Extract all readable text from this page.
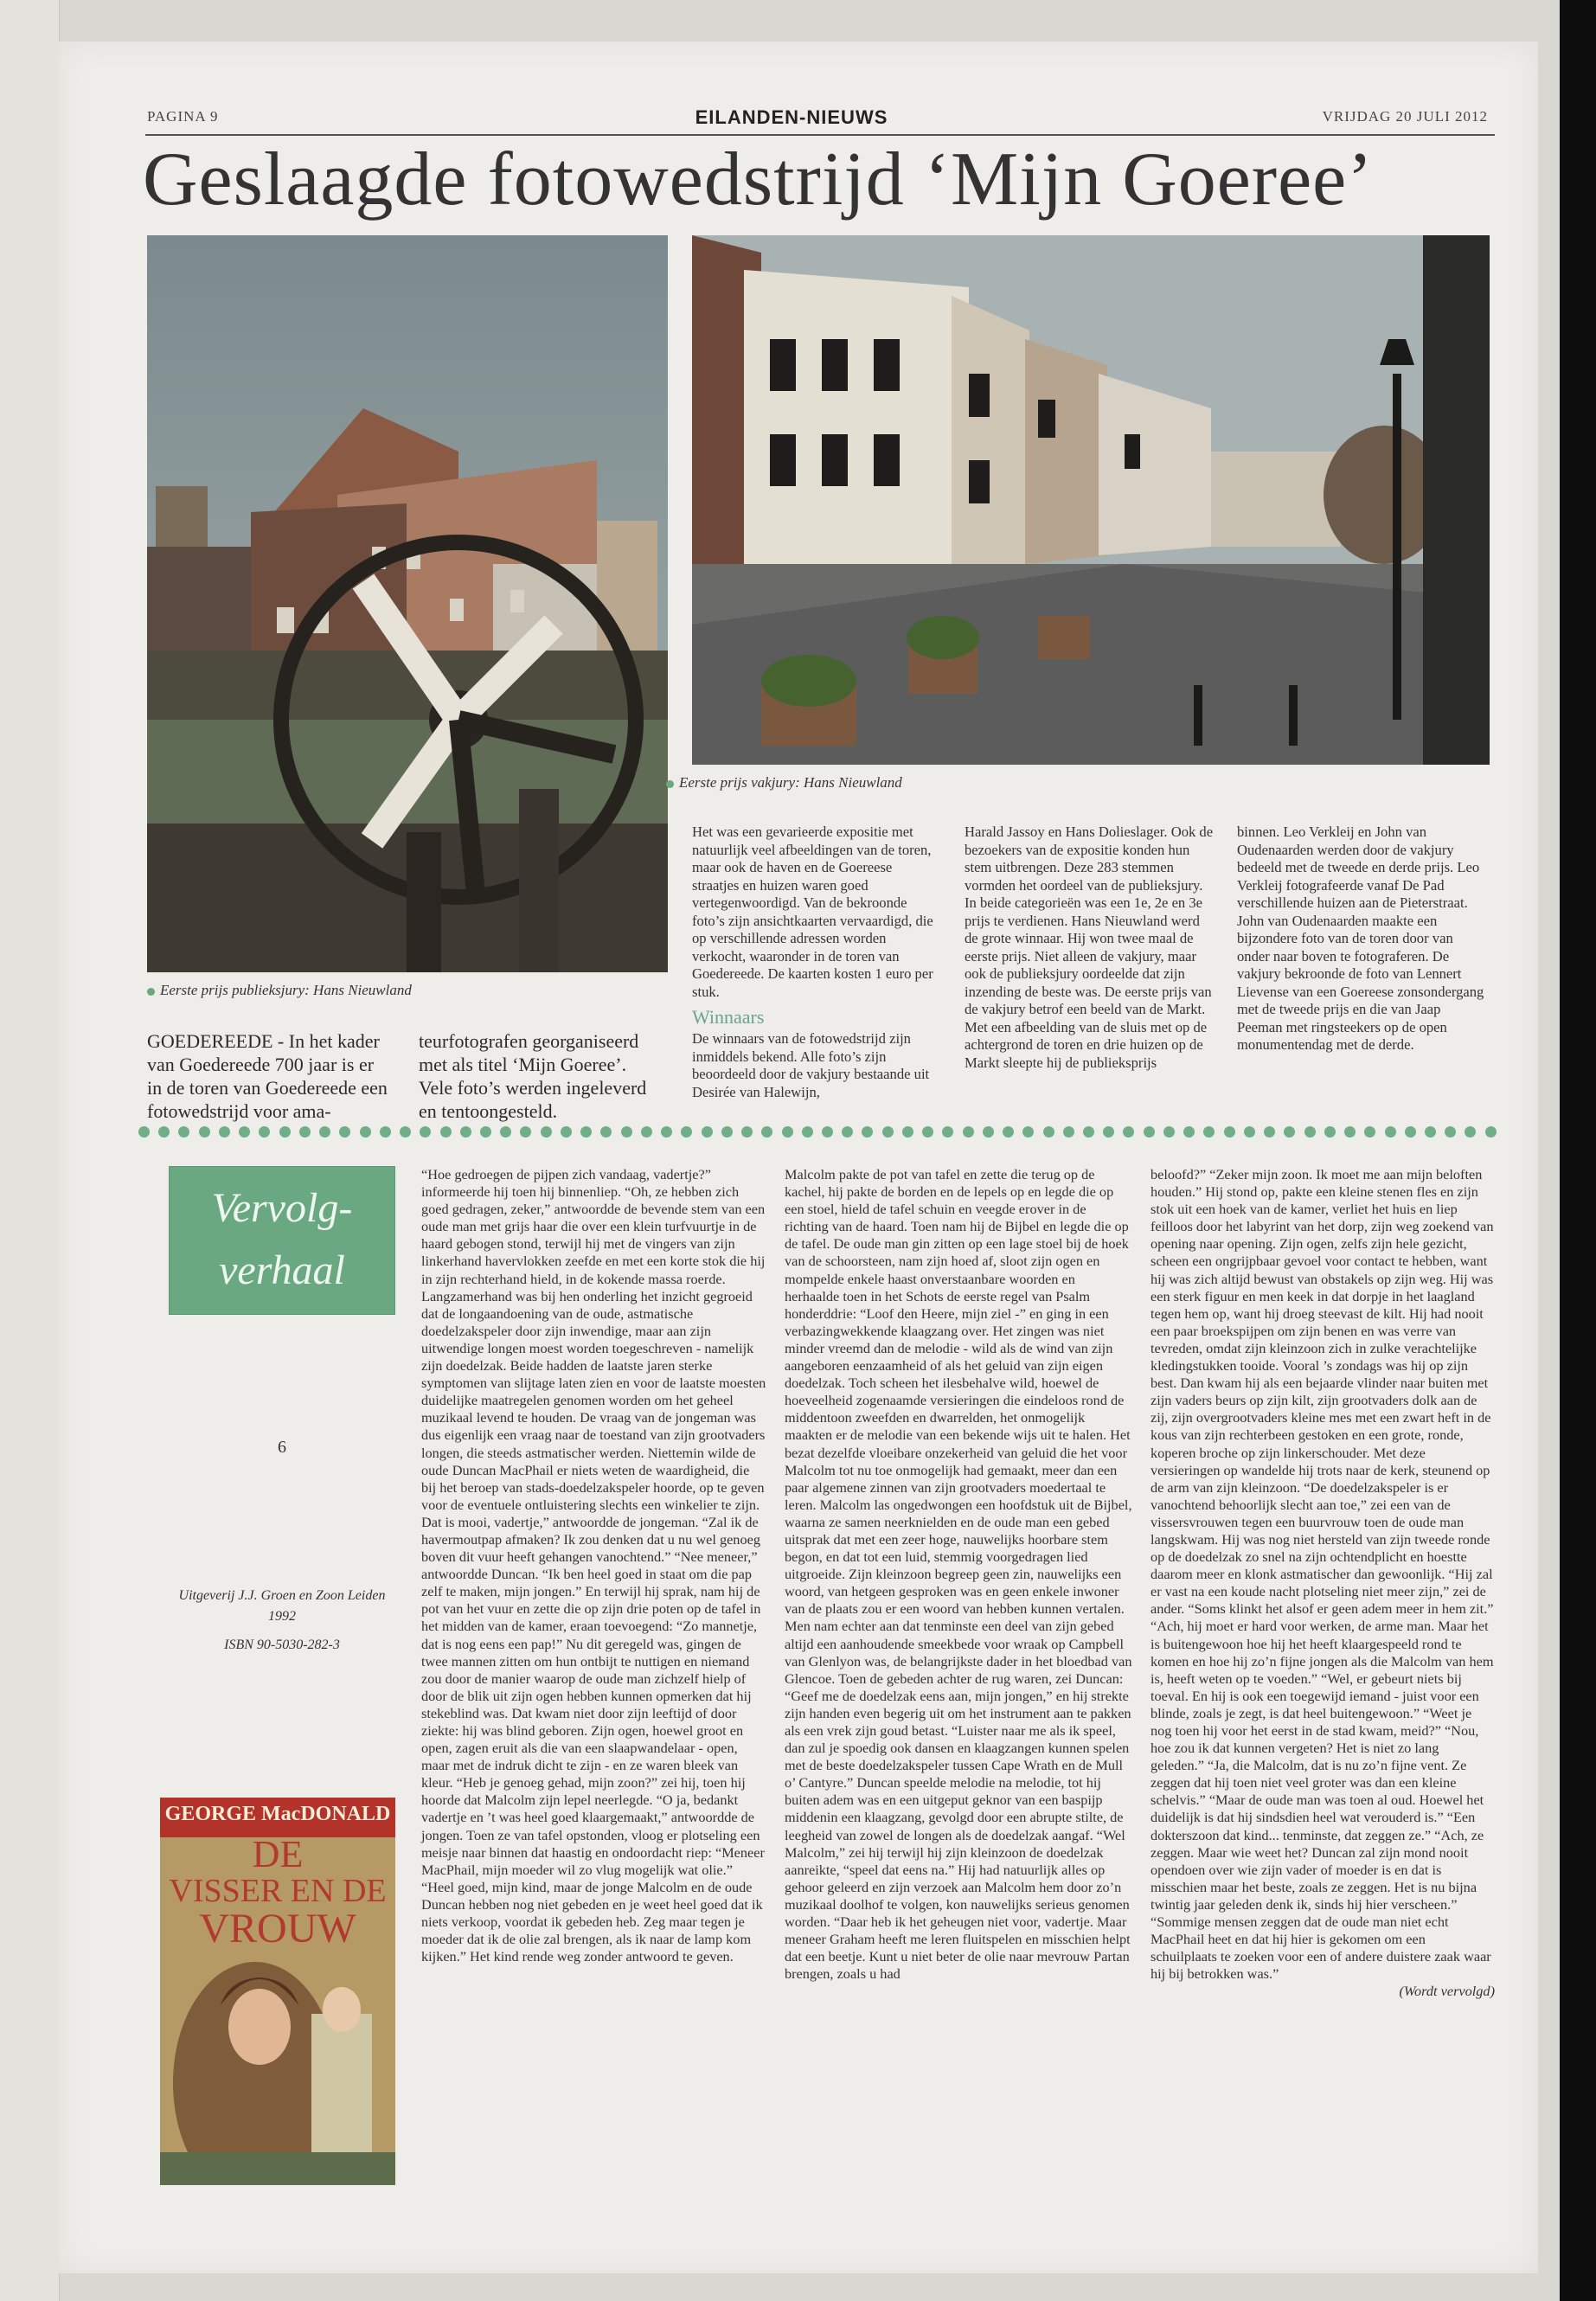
PAGINA 9	EILANDEN-NIEUWS	VRIJDAG 20 JULI 2012
Geslaagde fotowedstrijd ‘Mijn Goeree’
Eerste prijs publieksjury: Hans Nieuwland
Eerste prijs vakjury: Hans Nieuwland
GOEDEREEDE - In het kader van Goedereede 700 jaar is er in de toren van Goedereede een fotowedstrijd voor ama-
teurfotografen georganiseerd met als titel ‘Mijn Goeree’. Vele foto’s werden ingeleverd en tentoongesteld.

Het was een gevarieerde expositie met natuurlijk veel afbeeldingen van de toren, maar ook de haven en de Goereese straatjes en huizen waren goed vertegenwoordigd. Van de bekroonde foto’s zijn ansichtkaarten vervaardigd, die op verschillende adressen worden verkocht, waaronder in de toren van Goedereede. De kaarten kosten 1 euro per stuk.

Winnaars

De winnaars van de fotowedstrijd zijn inmiddels bekend. Alle foto’s zijn beoordeeld door de vakjury bestaande uit Desirée van Halewijn,

Harald Jassoy en Hans Dolieslager. Ook de bezoekers van de expositie konden hun stem uitbrengen. Deze 283 stemmen vormden het oordeel van de publieksjury. In beide categorieën was een 1e, 2e en 3e prijs te verdienen. Hans Nieuwland werd de grote winnaar. Hij won twee maal de eerste prijs. Niet alleen de vakjury, maar ook de publieksjury oordeelde dat zijn inzending de beste was. De eerste prijs van de vakjury betrof een beeld van de Markt. Met een afbeelding van de sluis met op de achtergrond de toren en drie huizen op de Markt sleepte hij de publieksprijs
binnen. Leo Verkleij en John van Oudenaarden werden door de vakjury bedeeld met de tweede en derde prijs. Leo Verkleij fotografeerde vanaf De Pad verschillende huizen aan de Pieterstraat. John van Oudenaarden maakte een bijzondere foto van de toren door van onder naar boven te fotograferen. De vakjury bekroonde de foto van Lennert Lievense van een Goereese zonsondergang met de tweede prijs en die van Jaap Peeman met ringsteekers op de open monumentendag met de derde.
Vervolg-
verhaal
6
Uitgeverij J.J. Groen en Zoon Leiden
1992
ISBN 90-5030-282-3
GEORGE MacDONALD
DE
VISSER EN DE
VROUW
“Hoe gedroegen de pijpen zich vandaag, vadertje?” informeerde hij toen hij binnenliep. “Oh, ze hebben zich goed gedragen, zeker,” antwoordde de bevende stem van een oude man met grijs haar die over een klein turfvuurtje in de haard gebogen stond, terwijl hij met de vingers van zijn linkerhand havervlokken zeefde en met een korte stok die hij in zijn rechterhand hield, in de kokende massa roerde. Langzamerhand was bij hen onderling het inzicht gegroeid dat de longaandoening van de oude, astmatische doedelzakspeler door zijn inwendige, maar aan zijn uitwendige longen moest worden toegeschreven - namelijk zijn doedelzak. Beide hadden de laatste jaren sterke symptomen van slijtage laten zien en voor de laatste moesten duidelijke maatregelen genomen worden om het geheel muzikaal levend te houden. De vraag van de jongeman was dus eigenlijk een vraag naar de toestand van zijn grootvaders longen, die steeds astmatischer werden. Niettemin wilde de oude Duncan MacPhail er niets weten de waardigheid, die bij het beroep van stads-doedelzakspeler hoorde, op te geven voor de eventuele ontluistering slechts een winkelier te zijn. Dat is mooi, vadertje,” antwoordde de jongeman. “Zal ik de havermoutpap afmaken? Ik zou denken dat u nu wel genoeg boven dit vuur heeft gehangen vanochtend.” “Nee meneer,” antwoordde Duncan. “Ik ben heel goed in staat om die pap zelf te maken, mijn jongen.” En terwijl hij sprak, nam hij de pot van het vuur en zette die op zijn drie poten op de tafel in het midden van de kamer, eraan toevoegend: “Zo mannetje, dat is nog eens een pap!” Nu dit geregeld was, gingen de twee mannen zitten om hun ontbijt te nuttigen en niemand zou door de manier waarop de oude man zichzelf hielp of door de blik uit zijn ogen hebben kunnen opmerken dat hij stekeblind was. Dat kwam niet door zijn leeftijd of door ziekte: hij was blind geboren. Zijn ogen, hoewel groot en open, zagen eruit als die van een slaapwandelaar - open, maar met de indruk dicht te zijn - en ze waren bleek van kleur. “Heb je genoeg gehad, mijn zoon?” zei hij, toen hij hoorde dat Malcolm zijn lepel neerlegde. “O ja, bedankt vadertje en ’t was heel goed klaargemaakt,” antwoordde de jongen. Toen ze van tafel opstonden, vloog er plotseling een meisje naar binnen dat haastig en ondoordacht riep: “Meneer MacPhail, mijn moeder wil zo vlug mogelijk wat olie.” “Heel goed, mijn kind, maar de jonge Malcolm en de oude Duncan hebben nog niet gebeden en je weet heel goed dat ik niets verkoop, voordat ik gebeden heb. Zeg maar tegen je moeder dat ik de olie zal brengen, als ik naar de lamp kom kijken.” Het kind rende weg zonder antwoord te geven.
Malcolm pakte de pot van tafel en zette die terug op de kachel, hij pakte de borden en de lepels op en legde die op een stoel, hield de tafel schuin en veegde erover in de richting van de haard. Toen nam hij de Bijbel en legde die op de tafel. De oude man gin zitten op een lage stoel bij de hoek van de schoorsteen, nam zijn hoed af, sloot zijn ogen en mompelde enkele haast onverstaanbare woorden en herhaalde toen in het Schots de eerste regel van Psalm honderddrie: “Loof den Heere, mijn ziel -” en ging in een verbazingwekkende klaagzang over. Het zingen was niet minder vreemd dan de melodie - wild als de wind van zijn aangeboren eenzaamheid of als het geluid van zijn eigen doedelzak. Toch scheen het ilesbehalve wild, hoewel de hoeveelheid zogenaamde versieringen die eindeloos rond de middentoon zweefden en dwarrelden, het onmogelijk maakten er de melodie van een bekende wijs uit te halen. Het bezat dezelfde vloeibare onzekerheid van geluid die het voor Malcolm tot nu toe onmogelijk had gemaakt, meer dan een paar algemene zinnen van zijn grootvaders moedertaal te leren. Malcolm las ongedwongen een hoofdstuk uit de Bijbel, waarna ze samen neerknielden en de oude man een gebed uitsprak dat met een zeer hoge, nauwelijks hoorbare stem begon, en dat tot een luid, stemmig voorgedragen lied uitgroeide. Zijn kleinzoon begreep geen zin, nauwelijks een woord, van hetgeen gesproken was en geen enkele inwoner van de plaats zou er een woord van hebben kunnen vertalen. Men nam echter aan dat tenminste een deel van zijn gebed altijd een aanhoudende smeekbede voor wraak op Campbell van Glenlyon was, de belangrijkste dader in het bloedbad van Glencoe. Toen de gebeden achter de rug waren, zei Duncan: “Geef me de doedelzak eens aan, mijn jongen,” en hij strekte zijn handen even begerig uit om het instrument aan te pakken als een vrek zijn goud betast. “Luister naar me als ik speel, dan zul je spoedig ook dansen en klaagzangen kunnen spelen met de beste doedelzakspeler tussen Cape Wrath en de Mull o’ Cantyre.” Duncan speelde melodie na melodie, tot hij buiten adem was en een uitgeput geknor van een baspijp middenin een klaagzang, gevolgd door een abrupte stilte, de leegheid van zowel de longen als de doedelzak aangaf. “Wel Malcolm,” zei hij terwijl hij zijn kleinzoon de doedelzak aanreikte, “speel dat eens na.” Hij had natuurlijk alles op gehoor geleerd en zijn verzoek aan Malcolm hem door zoʼn muzikaal doolhof te volgen, kon nauwelijks serieus genomen worden. “Daar heb ik het geheugen niet voor, vadertje. Maar meneer Graham heeft me leren fluitspelen en misschien helpt dat een beetje. Kunt u niet beter de olie naar mevrouw Partan brengen, zoals u had

beloofd?” “Zeker mijn zoon. Ik moet me aan mijn beloften houden.” Hij stond op, pakte een kleine stenen fles en zijn stok uit een hoek van de kamer, verliet het huis en liep feilloos door het labyrint van het dorp, zijn weg zoekend van opening naar opening. Zijn ogen, zelfs zijn hele gezicht, scheen een ongrijpbaar gevoel voor contact te hebben, want hij was zich altijd bewust van obstakels op zijn weg. Hij was een sterk figuur en men keek in dat dorpje in het laagland tegen hem op, want hij droeg steevast de kilt. Hij had nooit een paar broekspijpen om zijn benen en was verre van tevreden, omdat zijn kleinzoon zich in zulke verachtelijke kledingstukken tooide. Vooral ’s zondags was hij op zijn best. Dan kwam hij als een bejaarde vlinder naar buiten met zijn vaders beurs op zijn kilt, zijn grootvaders dolk aan de zij, zijn overgrootvaders kleine mes met een zwart heft in de kous van zijn rechterbeen gestoken en een grote, ronde, koperen broche op zijn linkerschouder. Met deze versieringen op wandelde hij trots naar de kerk, steunend op de arm van zijn kleinzoon. “De doedelzakspeler is er vanochtend behoorlijk slecht aan toe,” zei een van de vissersvrouwen tegen een buurvrouw toen de oude man langskwam. Hij was nog niet hersteld van zijn tweede ronde op de doedelzak zo snel na zijn ochtendplicht en hoestte daarom meer en klonk astmatischer dan gewoonlijk. “Hij zal er vast na een koude nacht plotseling niet meer zijn,” zei de ander. “Soms klinkt het alsof er geen adem meer in hem zit.” “Ach, hij moet er hard voor werken, de arme man. Maar het is buitengewoon hoe hij het heeft klaargespeeld rond te komen en hoe hij zoʼn fijne jongen als die Malcolm van hem is, heeft weten op te voeden.” “Wel, er gebeurt niets bij toeval. En hij is ook een toegewijd iemand - juist voor een blinde, zoals je zegt, is dat heel buitengewoon.” “Weet je nog toen hij voor het eerst in de stad kwam, meid?” “Nou, hoe zou ik dat kunnen vergeten? Het is niet zo lang geleden.” “Ja, die Malcolm, dat is nu zoʼn fijne vent. Ze zeggen dat hij toen niet veel groter was dan een kleine schelvis.” “Maar de oude man was toen al oud. Hoewel het duidelijk is dat hij sindsdien heel wat verouderd is.” “Een dokterszoon dat kind... tenminste, dat zeggen ze.” “Ach, ze zeggen. Maar wie weet het? Duncan zal zijn mond nooit opendoen over wie zijn vader of moeder is en dat is misschien maar het beste, zoals ze zeggen. Het is nu bijna twintig jaar geleden denk ik, sinds hij hier verscheen.” “Sommige mensen zeggen dat de oude man niet echt MacPhail heet en dat hij hier is gekomen om een schuilplaats te zoeken voor een of andere duistere zaak waar hij bij betrokken was.”

(Wordt vervolgd)
